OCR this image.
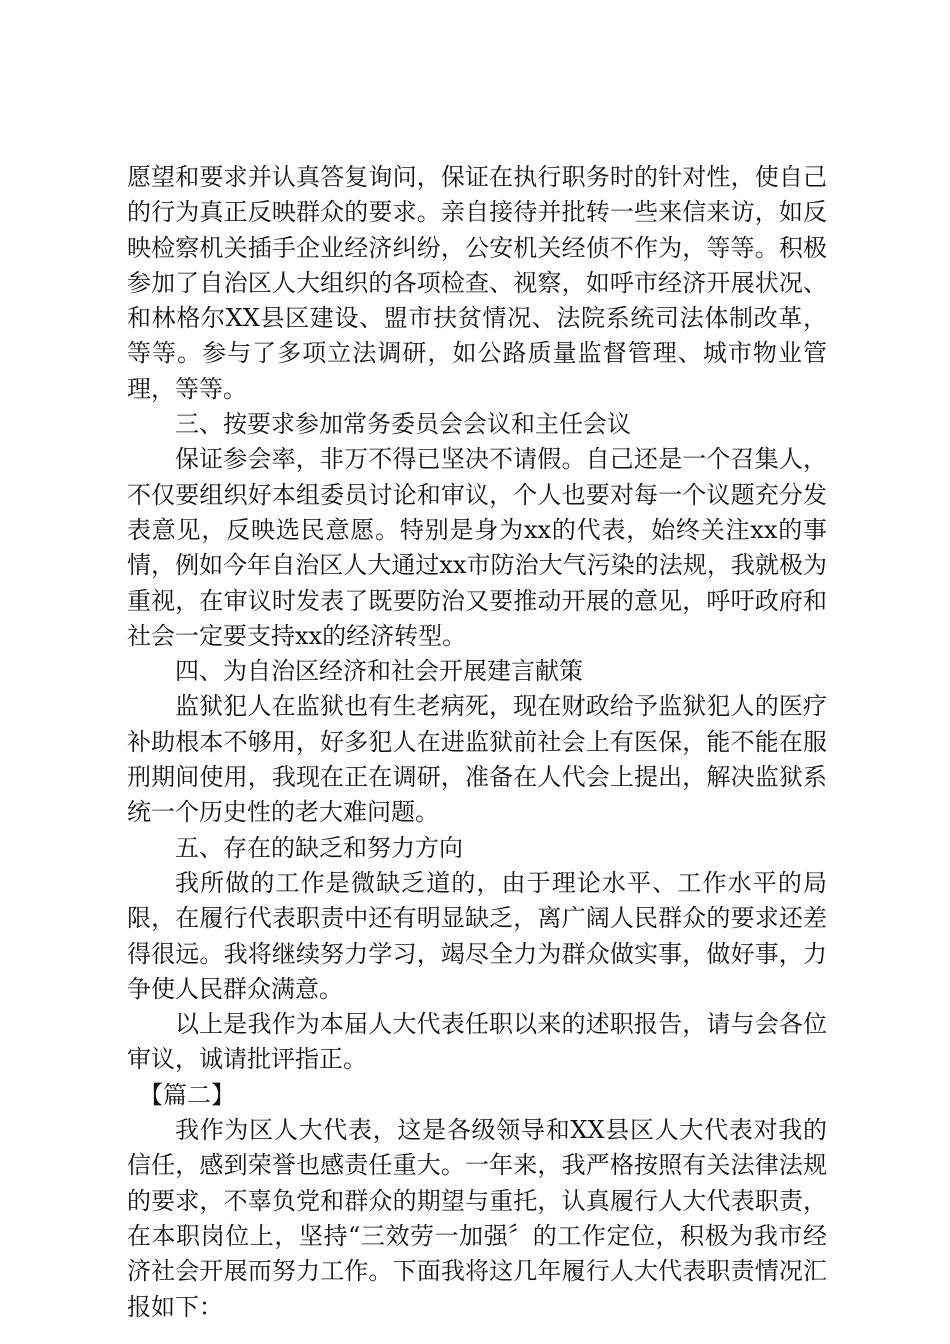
愿望和要求并认真答复询问，保证在执行职务时的针对性，使自己的行为真正反映群众的要求。亲自接待并批转一些来信来访，如反映检察机关插手企业经济纠纷，公安机关经侦不作为，等等。积极参加了自治区人大组织的各项检查、视察，如呼市经济开展状况、和林格尔XX县区建设、盟市扶贫情况、法院系统司法体制改革，等等。参与了多项立法调研，如公路质量监督管理、城市物业管理，等等。

三、按要求参加常务委员会会议和主任会议

保证参会率，非万不得已坚决不请假。自己还是一个召集人，不仅要组织好本组委员讨论和审议，个人也要对每一个议题充分发表意见，反映选民意愿。特别是身为xx的代表，始终关注xx的事情，例如今年自治区人大通过xx市防治大气污染的法规，我就极为重视，在审议时发表了既要防治又要推动开展的意见，呼吁政府和社会一定要支持xx的经济转型。

四、为自治区经济和社会开展建言献策

监狱犯人在监狱也有生老病死，现在财政给予监狱犯人的医疗补助根本不够用，好多犯人在进监狱前社会上有医保，能不能在服刑期间使用，我现在正在调研，准备在人代会上提出，解决监狱系统一个历史性的老大难问题。

五、存在的缺乏和努力方向

我所做的工作是微缺乏道的，由于理论水平、工作水平的局限，在履行代表职责中还有明显缺乏，离广阔人民群众的要求还差得很远。我将继续努力学习，竭尽全力为群众做实事，做好事，力争使人民群众满意。

以上是我作为本届人大代表任职以来的述职报告，请与会各位审议，诚请批评指正。

【篇二】

我作为区人大代表，这是各级领导和XX县区人大代表对我的信任，感到荣誉也感责任重大。一年来，我严格按照有关法律法规的要求，不辜负党和群众的期望与重托，认真履行人大代表职责，在本职岗位上，坚持“三效劳一加强〞的工作定位，积极为我市经济社会开展而努力工作。下面我将这几年履行人大代表职责情况汇报如下：
